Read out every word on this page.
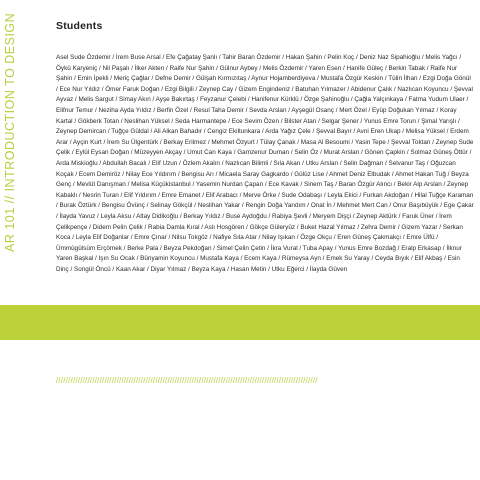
AR 101 // INTRODUCTION TO DESIGN	Students

Asel Sude Özdemir / İrem Buse Arsal / Efe Çağatay Şanlı / Tahir Baran Özdemir / Hakan Şahin / Pelin Koç / Deniz Naz Sipahioğlu / Melis Yağcı / Öykü Karyeniç / Nil Paşalı / İlker Akten / Raife Nur Şahin / Gülnur Aybey / Melis Özdemir / Yaren Esen / Hanife Güleç / Berkin Tabak / Raife Nur Şahin / Emin İpekli / Meriç Çağlar / Defne Demir / Gülşah Kırmızıtaş / Aynur Hojamberdiyeva / Mustafa Özgür Keskin / Tülin İlhan / Ezgi Doğa Gönül / Ece Nur Yıldız / Ömer Faruk Doğan / Ezgi Bilgili / Zeynep Cay / Gizem Engindeniz / Batuhan Yılmazer / Abidenur Çalık / Nazlıcan Koyuncu / Şevval Ayvaz / Melis Sargut / Simay Akın / Ayşe Bakırtaş / Feyzanur Çelebi / Hanifenur Kürklü / Özge Şahinoğlu / Çağla Yalçınkaya / Fatma Yudum Ulaer / Elifnur Temur / Neziha Ayda Yıldız / Berfin Özel / Resul Taha Demir / Sevda Arslan / Ayşegül Osanç / Mert Özel / Eyüp Doğukan Yılmaz / Koray Kartal / Gökberk Totan / Neslihan Yüksel / Seda Harmantepe / Ece Sevim Özen / Bilster Atan / Selgar Şener / Yunus Emre Torun / Şimal Yarışlı / Zeynep Demircan / Tuğçe Güldal / Ali Alkan Bahadır / Cengiz Ekiltunkara / Arda Yağız Çele / Şevval Bayır / Avni Eren Ukap / Melisa Yüksel / Erdem Arar / Ayçin Kurt / İrem Su Ülgentürk / Berkay Erilmez / Mehmet Özyurt / Tülay Çanak / Masa Al Besoumi / Yasin Tepe / Şevval Toktan / Zeynep Sude Çelik / Eylül Eysan Doğan / Müzeyyen Akçay / Umut Can Kaya / Gamzenur Duman / Selin Öz / Murat Arslan / Gönen Çapkin / Solmaz Güneş Öttür / Arda Miskioğlu / Abdullah Bacalı / Elif Uzun / Özlem Akalın / Nazlıcan Bilimli / Sıla Akan / Utku Arslan / Selin Dağman / Selvanur Taş / Oğuzcan Koçak / Ecem Demiröz / Nilay Ece Yıldırım / Bengisu Arı / Micaela Saray Gagkardo / Gülüz Lise / Ahmet Deniz Elbudak / Ahmet Hakan Tuğ / Beyza Genç / Mevlüt Danışman / Melisa Küçükistanbul / Yasemin Nurdan Çapan / Ece Kavak / Sinem Taş / Baran Özgür Alıncı / Bekir Alp Arslan / Zeynep Kabaklı / Nesrin Turan / Elif Yıldırım / Emre Emanet / Elif Arabacı / Merve Örke / Sude Odabaşı / Leyla Ekici / Furkan Akdoğan / Hilal Tuğçe Karaman / Burak Öztürk / Bengisu Övünç / Selinay Gökçül / Neslihan Yakar / Rengin Doğa Yandım / Onat İn / Mehmet Mert Can / Onur Başıbüyük / Ege Çakar / İlayda Yavuz / Leyla Aksu / Altay Didikoğlu / Berkay Yıldız / Buse Aydoğdu / Rabiya Şevli / Meryem Dişçi / Zeynep Aktürk / Faruk Üner / İrem Çelikpençe / Didem Pelin Çelik / Rabia Damla Kıral / Aslı Hosgören / Gökçe Güleryüz / Buket Hazal Yılmaz / Zehra Demir / Gizem Yazar / Serkan Koca / Leyla Elif Doğanlar / Emre Çınar / Nilsu Tokgöz / Nafiye Sıla Atar / Nilay Işıkan / Özge Okçu / Eren Güneş Çakmakçı / Emre Ülfü / Ümmügülsüm Erçömek / Berke Pala / Beyza Pekdoğan / Simel Çelin Çetin / İkra Vural / Tuba Apay / Yunus Emre Bozdağ / Eralp Erkasap / İlknur Yaren Başkal / Işın Su Ocak / Bünyamin Koyuncu / Mustafa Kaya / Ecem Kaya / Rümeysa Ayn / Emek Su Yaray / Ceyda Bıyık / Elif Akbaş / Esin Dinç / Songül Öncü / Kaan Akar / Diyar Yılmaz / Beyza Kaya / Hasan Metin / Utku Eğerci / İlayda Güven

////////////////////////////////////////////////////////////////////////////////////////////////////////////
